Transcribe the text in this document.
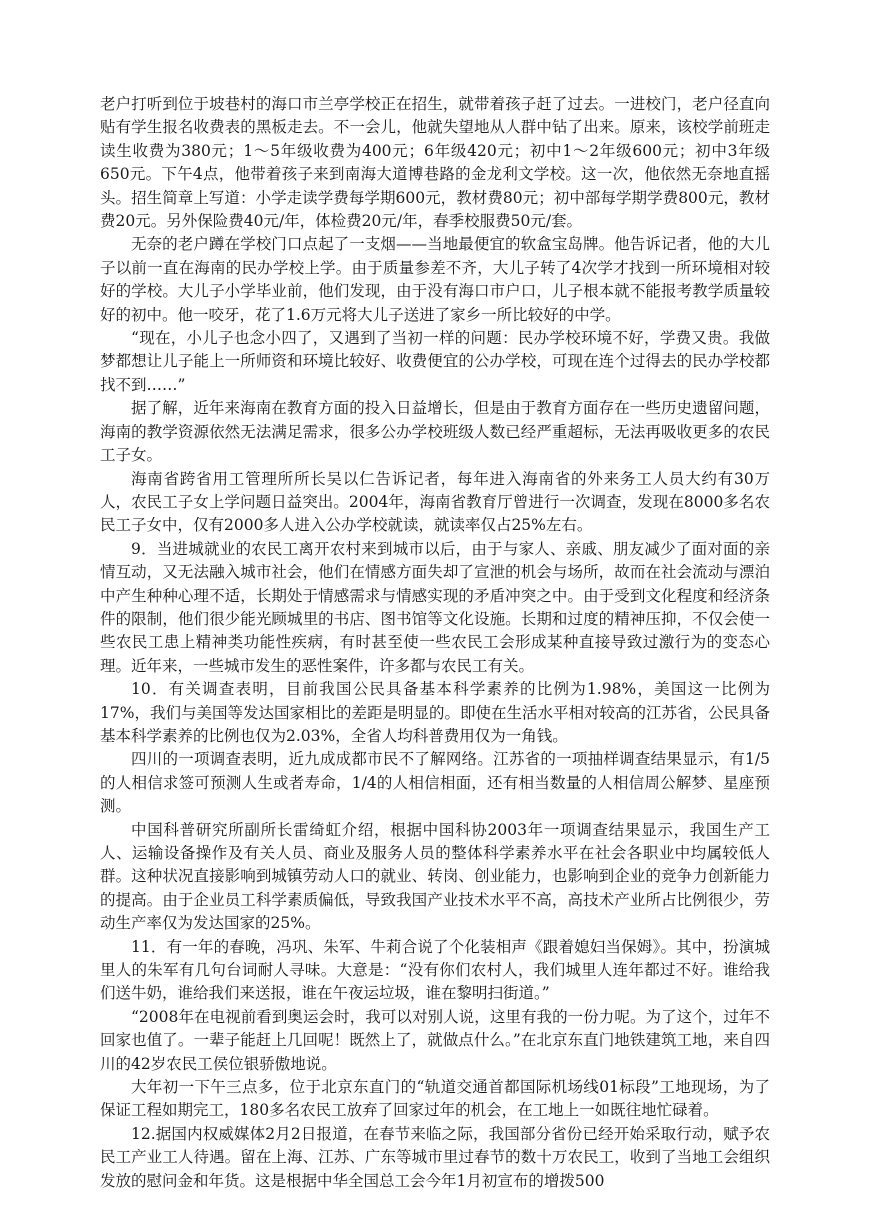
老户打听到位于坡巷村的海口市兰亭学校正在招生，就带着孩子赶了过去。一进校门，老户径直向贴有学生报名收费表的黑板走去。不一会儿，他就失望地从人群中钻了出来。原来，该校学前班走读生收费为380元；1～5年级收费为400元；6年级420元；初中1～2年级600元；初中3年级650元。下午4点，他带着孩子来到南海大道博巷路的金龙利文学校。这一次，他依然无奈地直摇头。招生简章上写道：小学走读学费每学期600元，教材费80元；初中部每学期学费800元，教材费20元。另外保险费40元/年，体检费20元/年，春季校服费50元/套。

无奈的老户蹲在学校门口点起了一支烟——当地最便宜的软盒宝岛牌。他告诉记者，他的大儿子以前一直在海南的民办学校上学。由于质量参差不齐，大儿子转了4次学才找到一所环境相对较好的学校。大儿子小学毕业前，他们发现，由于没有海口市户口，儿子根本就不能报考教学质量较好的初中。他一咬牙，花了1.6万元将大儿子送进了家乡一所比较好的中学。

“现在，小儿子也念小四了，又遇到了当初一样的问题：民办学校环境不好，学费又贵。我做梦都想让儿子能上一所师资和环境比较好、收费便宜的公办学校，可现在连个过得去的民办学校都找不到……”

据了解，近年来海南在教育方面的投入日益增长，但是由于教育方面存在一些历史遗留问题，海南的教学资源依然无法满足需求，很多公办学校班级人数已经严重超标，无法再吸收更多的农民工子女。

海南省跨省用工管理所所长吴以仁告诉记者，每年进入海南省的外来务工人员大约有30万人，农民工子女上学问题日益突出。2004年，海南省教育厅曾进行一次调查，发现在8000多名农民工子女中，仅有2000多人进入公办学校就读，就读率仅占25%左右。

9．当进城就业的农民工离开农村来到城市以后，由于与家人、亲戚、朋友减少了面对面的亲情互动，又无法融入城市社会，他们在情感方面失却了宣泄的机会与场所，故而在社会流动与漂泊中产生种种心理不适，长期处于情感需求与情感实现的矛盾冲突之中。由于受到文化程度和经济条件的限制，他们很少能光顾城里的书店、图书馆等文化设施。长期和过度的精神压抑，不仅会使一些农民工患上精神类功能性疾病，有时甚至使一些农民工会形成某种直接导致过激行为的变态心理。近年来，一些城市发生的恶性案件，许多都与农民工有关。

10．有关调查表明，目前我国公民具备基本科学素养的比例为1.98%，美国这一比例为17%，我们与美国等发达国家相比的差距是明显的。即使在生活水平相对较高的江苏省，公民具备基本科学素养的比例也仅为2.03%，全省人均科普费用仅为一角钱。

四川的一项调查表明，近九成成都市民不了解网络。江苏省的一项抽样调查结果显示，有1/5的人相信求签可预测人生或者寿命，1/4的人相信相面，还有相当数量的人相信周公解梦、星座预测。

中国科普研究所副所长雷绮虹介绍，根据中国科协2003年一项调查结果显示，我国生产工人、运输设备操作及有关人员、商业及服务人员的整体科学素养水平在社会各职业中均属较低人群。这种状况直接影响到城镇劳动人口的就业、转岗、创业能力，也影响到企业的竞争力创新能力的提高。由于企业员工科学素质偏低，导致我国产业技术水平不高，高技术产业所占比例很少，劳动生产率仅为发达国家的25%。

11．有一年的春晚，冯巩、朱军、牛莉合说了个化装相声《跟着媳妇当保姆》。其中，扮演城里人的朱军有几句台词耐人寻味。大意是：“没有你们农村人，我们城里人连年都过不好。谁给我们送牛奶，谁给我们来送报，谁在午夜运垃圾，谁在黎明扫街道。”

“2008年在电视前看到奥运会时，我可以对别人说，这里有我的一份力呢。为了这个，过年不回家也值了。一辈子能赶上几回呢！既然上了，就做点什么。”在北京东直门地铁建筑工地，来自四川的42岁农民工侯位银骄傲地说。

大年初一下午三点多，位于北京东直门的“轨道交通首都国际机场线01标段”工地现场，为了保证工程如期完工，180多名农民工放弃了回家过年的机会，在工地上一如既往地忙碌着。

12.据国内权威媒体2月2日报道，在春节来临之际，我国部分省份已经开始采取行动，赋予农民工产业工人待遇。留在上海、江苏、广东等城市里过春节的数十万农民工，收到了当地工会组织发放的慰问金和年货。这是根据中华全国总工会今年1月初宣布的增拨500
